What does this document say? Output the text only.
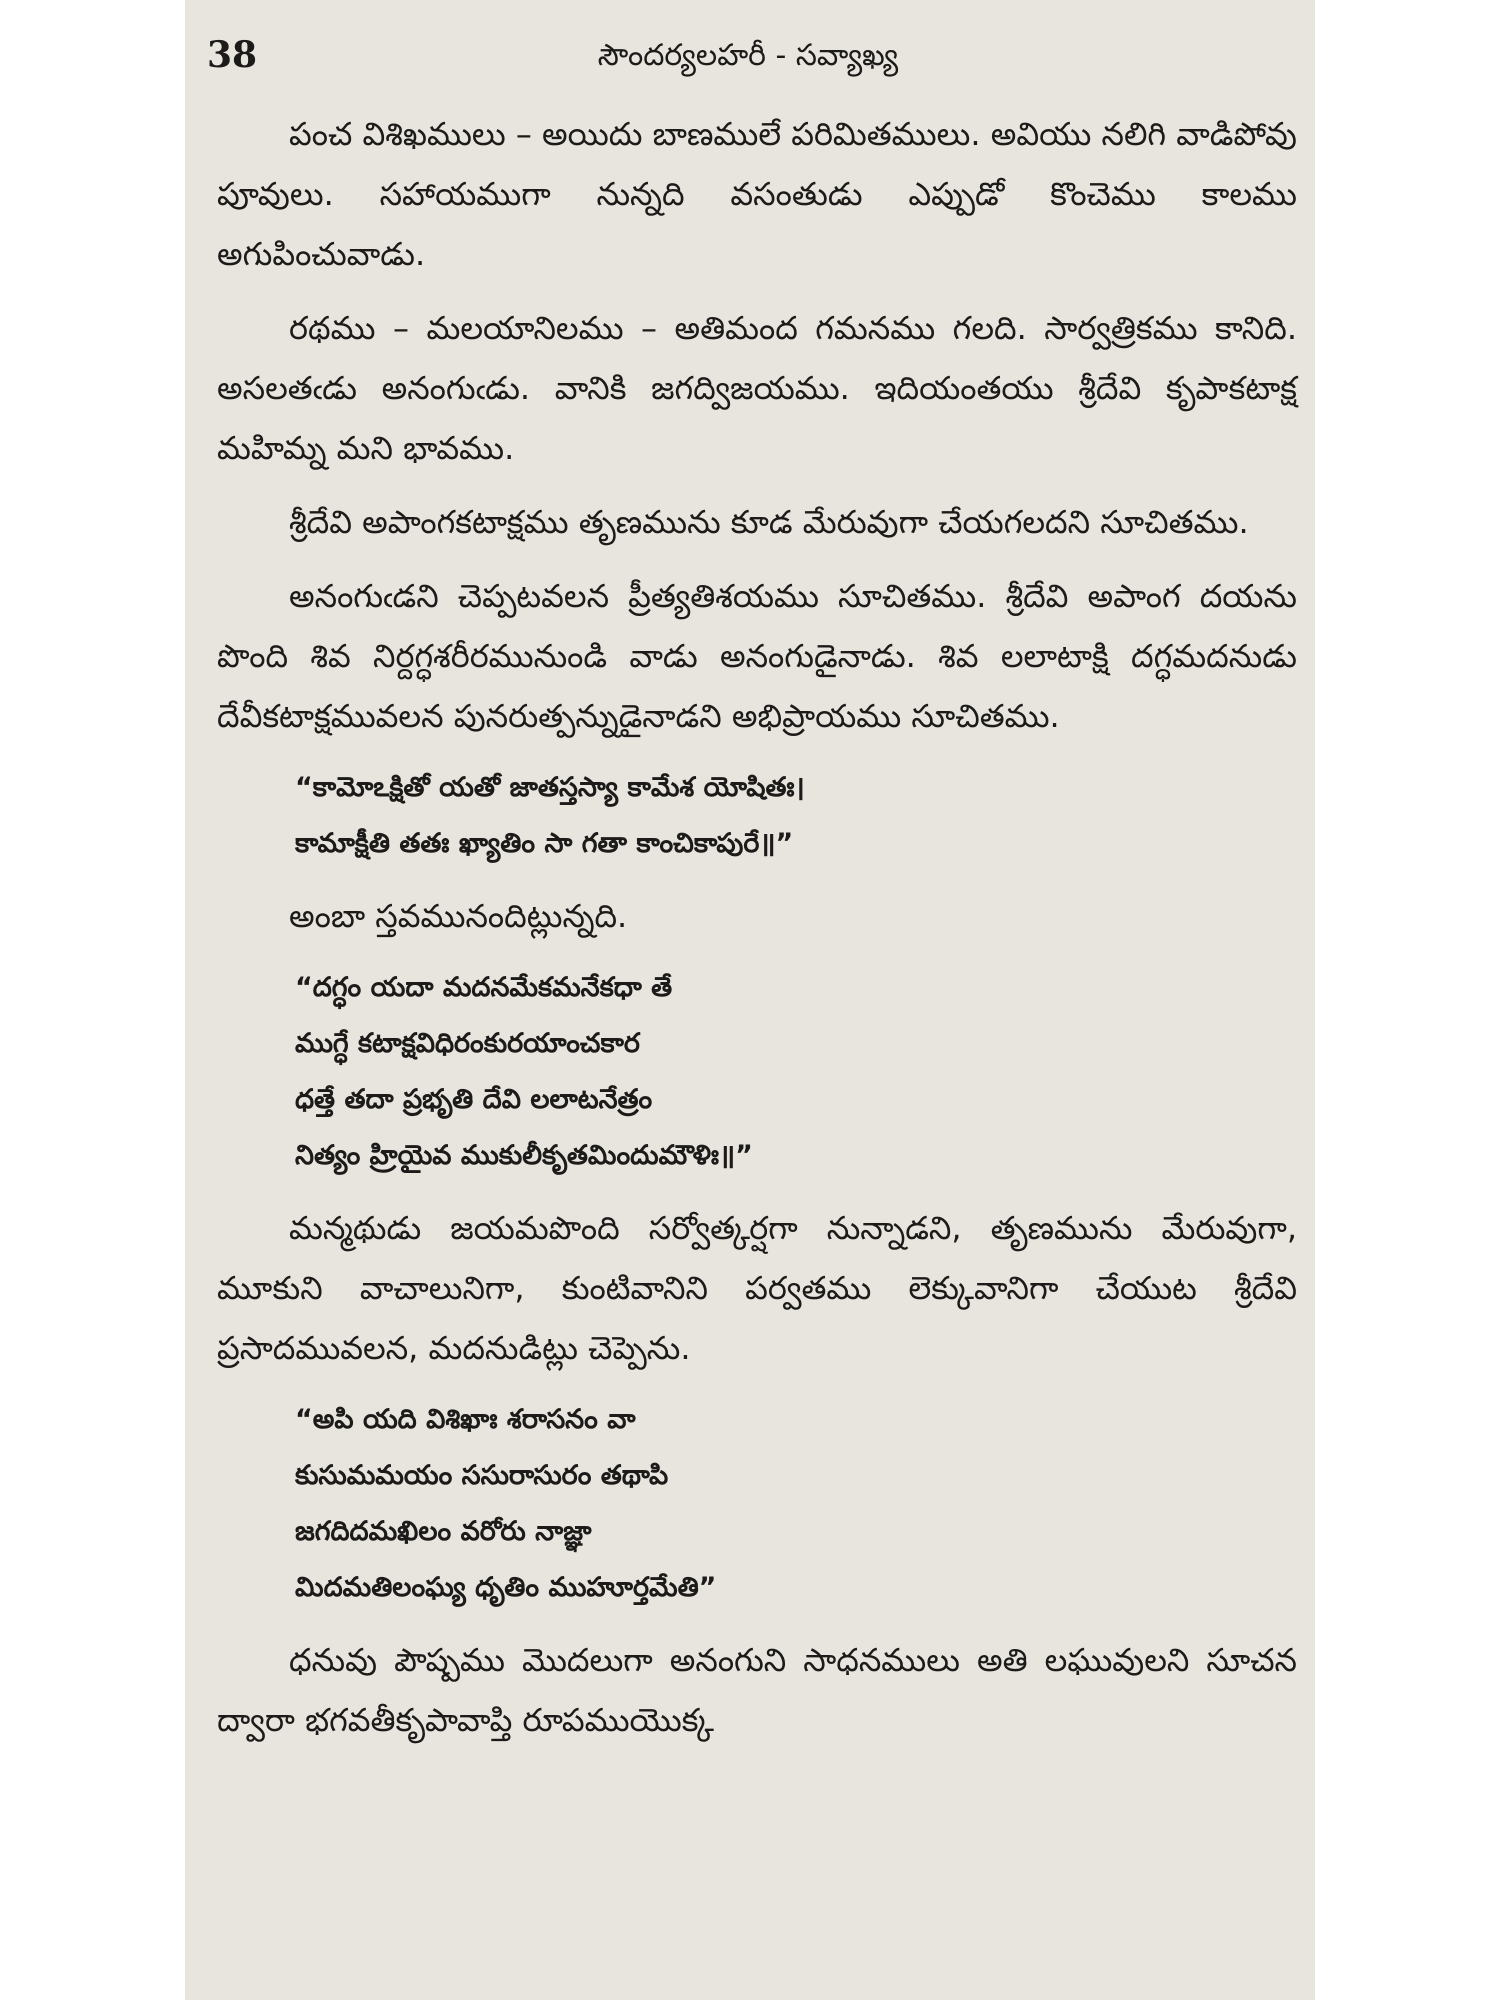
38	సౌందర్యలహరీ - సవ్యాఖ్య

పంచ విశిఖములు – అయిదు బాణములే పరిమితములు. అవియు నలిగి వాడిపోవు పూవులు. సహాయముగా నున్నది వసంతుడు ఎప్పుడో కొంచెము కాలము అగుపించువాడు.

రథము – మలయానిలము – అతిమంద గమనము గలది. సార్వత్రికము కానిది. అసలతఁడు అనంగుఁడు. వానికి జగద్విజయము. ఇదియంతయు శ్రీదేవి కృపాకటాక్ష మహిమ్న మని భావము.

శ్రీదేవి అపాంగకటాక్షము తృణమును కూడ మేరువుగా చేయగలదని సూచితము.

అనంగుఁడని చెప్పటవలన ప్రీత్యతిశయము సూచితము. శ్రీదేవి అపాంగ దయను పొంది శివ నిర్దగ్ధశరీరమునుండి వాడు అనంగుడైనాడు. శివ లలాటాక్షి దగ్ధమదనుడు దేవీకటాక్షమువలన పునరుత్పన్నుడైనాడని అభిప్రాయము సూచితము.

“కామోఽక్షితో యతో జాతస్తస్యా కామేశ యోషితః।
కామాక్షీతి తతః ఖ్యాతిం సా గతా కాంచికాపురే॥”

అంబా స్తవమునందిట్లున్నది.

“దగ్ధం యదా మదనమేకమనేకధా తే
ముగ్ధే కటాక్షవిధిరంకురయాంచకార
ధత్తే తదా ప్రభృతి దేవి లలాటనేత్రం
నిత్యం హ్రియైవ ముకులీకృతమిందుమౌళిః॥”

మన్మథుడు జయమపొంది సర్వోత్కర్షగా నున్నాడని, తృణమును మేరువుగా, మూకుని వాచాలునిగా, కుంటివానిని పర్వతము లెక్కువానిగా చేయుట శ్రీదేవి ప్రసాదమువలన, మదనుడిట్లు చెప్పెను.

“అపి యది విశిఖాః శరాసనం వా
కుసుమమయం ససురాసురం తథాపి
జగదిదమఖిలం వరోరు నాజ్ఞా
మిదమతిలంఘ్య ధృతిం ముహూర్తమేతి”

ధనువు పౌష్పము మొదలుగా అనంగుని సాధనములు అతి లఘువులని సూచన ద్వారా భగవతీకృపావాప్తి రూపముయొక్క
